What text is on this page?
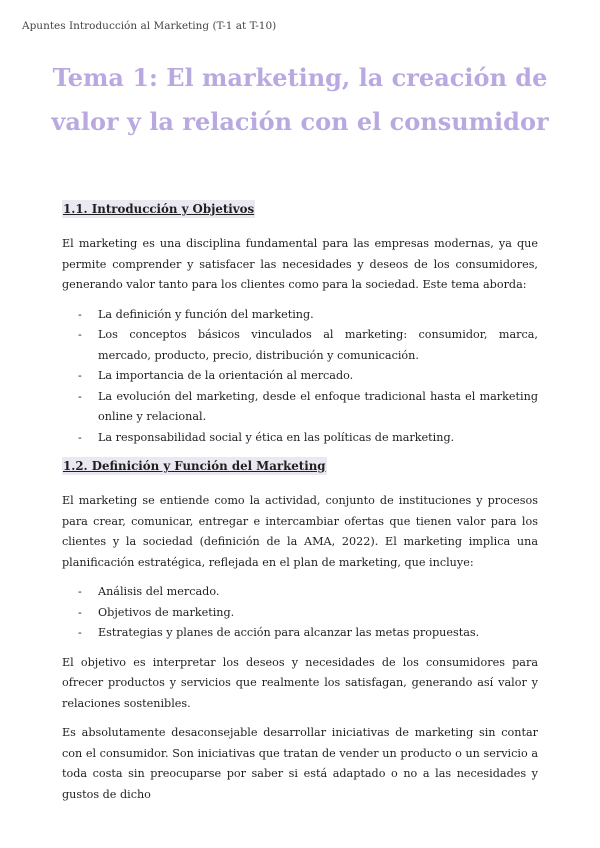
Apuntes Introducción al Marketing (T-1 at T-10)
Tema 1: El marketing, la creación de valor y la relación con el consumidor
1.1. Introducción y Objetivos

El marketing es una disciplina fundamental para las empresas modernas, ya que permite comprender y satisfacer las necesidades y deseos de los consumidores, generando valor tanto para los clientes como para la sociedad. Este tema aborda:

- La definición y función del marketing.
- Los conceptos básicos vinculados al marketing: consumidor, marca, mercado, producto, precio, distribución y comunicación.
- La importancia de la orientación al mercado.
- La evolución del marketing, desde el enfoque tradicional hasta el marketing online y relacional.
- La responsabilidad social y ética en las políticas de marketing.
1.2. Definición y Función del Marketing

El marketing se entiende como la actividad, conjunto de instituciones y procesos para crear, comunicar, entregar e intercambiar ofertas que tienen valor para los clientes y la sociedad (definición de la AMA, 2022). El marketing implica una planificación estratégica, reflejada en el plan de marketing, que incluye:

- Análisis del mercado.
- Objetivos de marketing.
- Estrategias y planes de acción para alcanzar las metas propuestas.

El objetivo es interpretar los deseos y necesidades de los consumidores para ofrecer productos y servicios que realmente los satisfagan, generando así valor y relaciones sostenibles.

Es absolutamente desaconsejable desarrollar iniciativas de marketing sin contar con el consumidor. Son iniciativas que tratan de vender un producto o un servicio a toda costa sin preocuparse por saber si está adaptado o no a las necesidades y gustos de dicho
